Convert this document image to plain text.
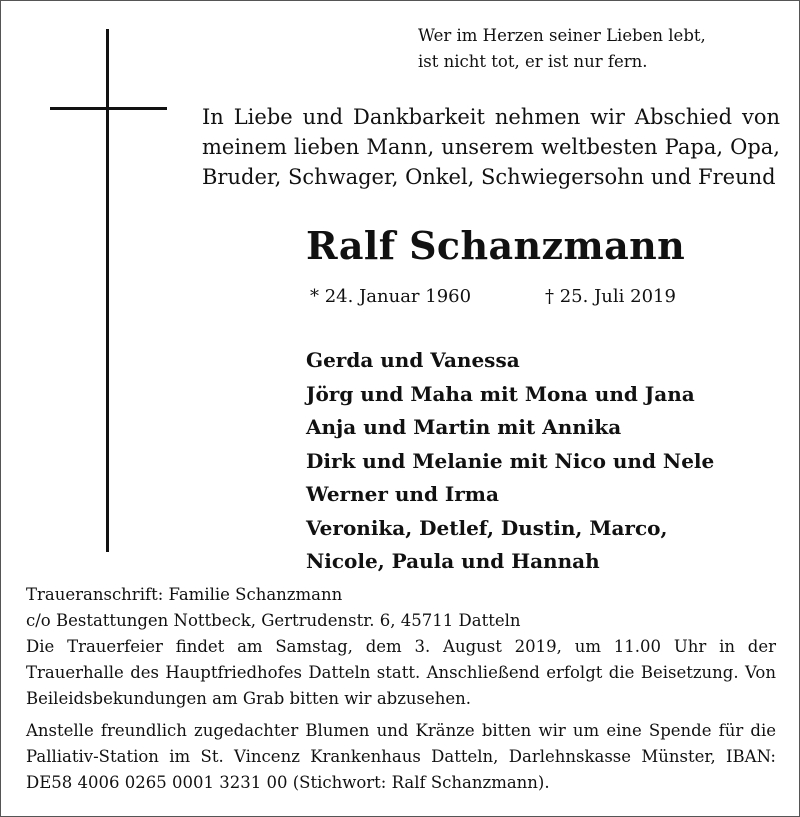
Wer im Herzen seiner Lieben lebt,
ist nicht tot, er ist nur fern.
In Liebe und Dankbarkeit nehmen wir Abschied von meinem lieben Mann, unserem weltbesten Papa, Opa, Bruder, Schwager, Onkel, Schwiegersohn und Freund
Ralf Schanzmann
* 24. Januar 1960	† 25. Juli 2019
Gerda und Vanessa
Jörg und Maha mit Mona und Jana
Anja und Martin mit Annika
Dirk und Melanie mit Nico und Nele
Werner und Irma
Veronika, Detlef, Dustin, Marco,
Nicole, Paula und Hannah
Traueranschrift: Familie Schanzmann
c/o Bestattungen Nottbeck, Gertrudenstr. 6, 45711 Datteln
Die Trauerfeier findet am Samstag, dem 3. August 2019, um 11.00 Uhr in der Trauerhalle des Hauptfriedhofes Datteln statt. Anschließend erfolgt die Beisetzung. Von Beileidsbekundungen am Grab bitten wir abzusehen.
Anstelle freundlich zugedachter Blumen und Kränze bitten wir um eine Spende für die Palliativ-Station im St. Vincenz Krankenhaus Datteln, Darlehnskasse Münster, IBAN: DE58 4006 0265 0001 3231 00 (Stichwort: Ralf Schanzmann).
